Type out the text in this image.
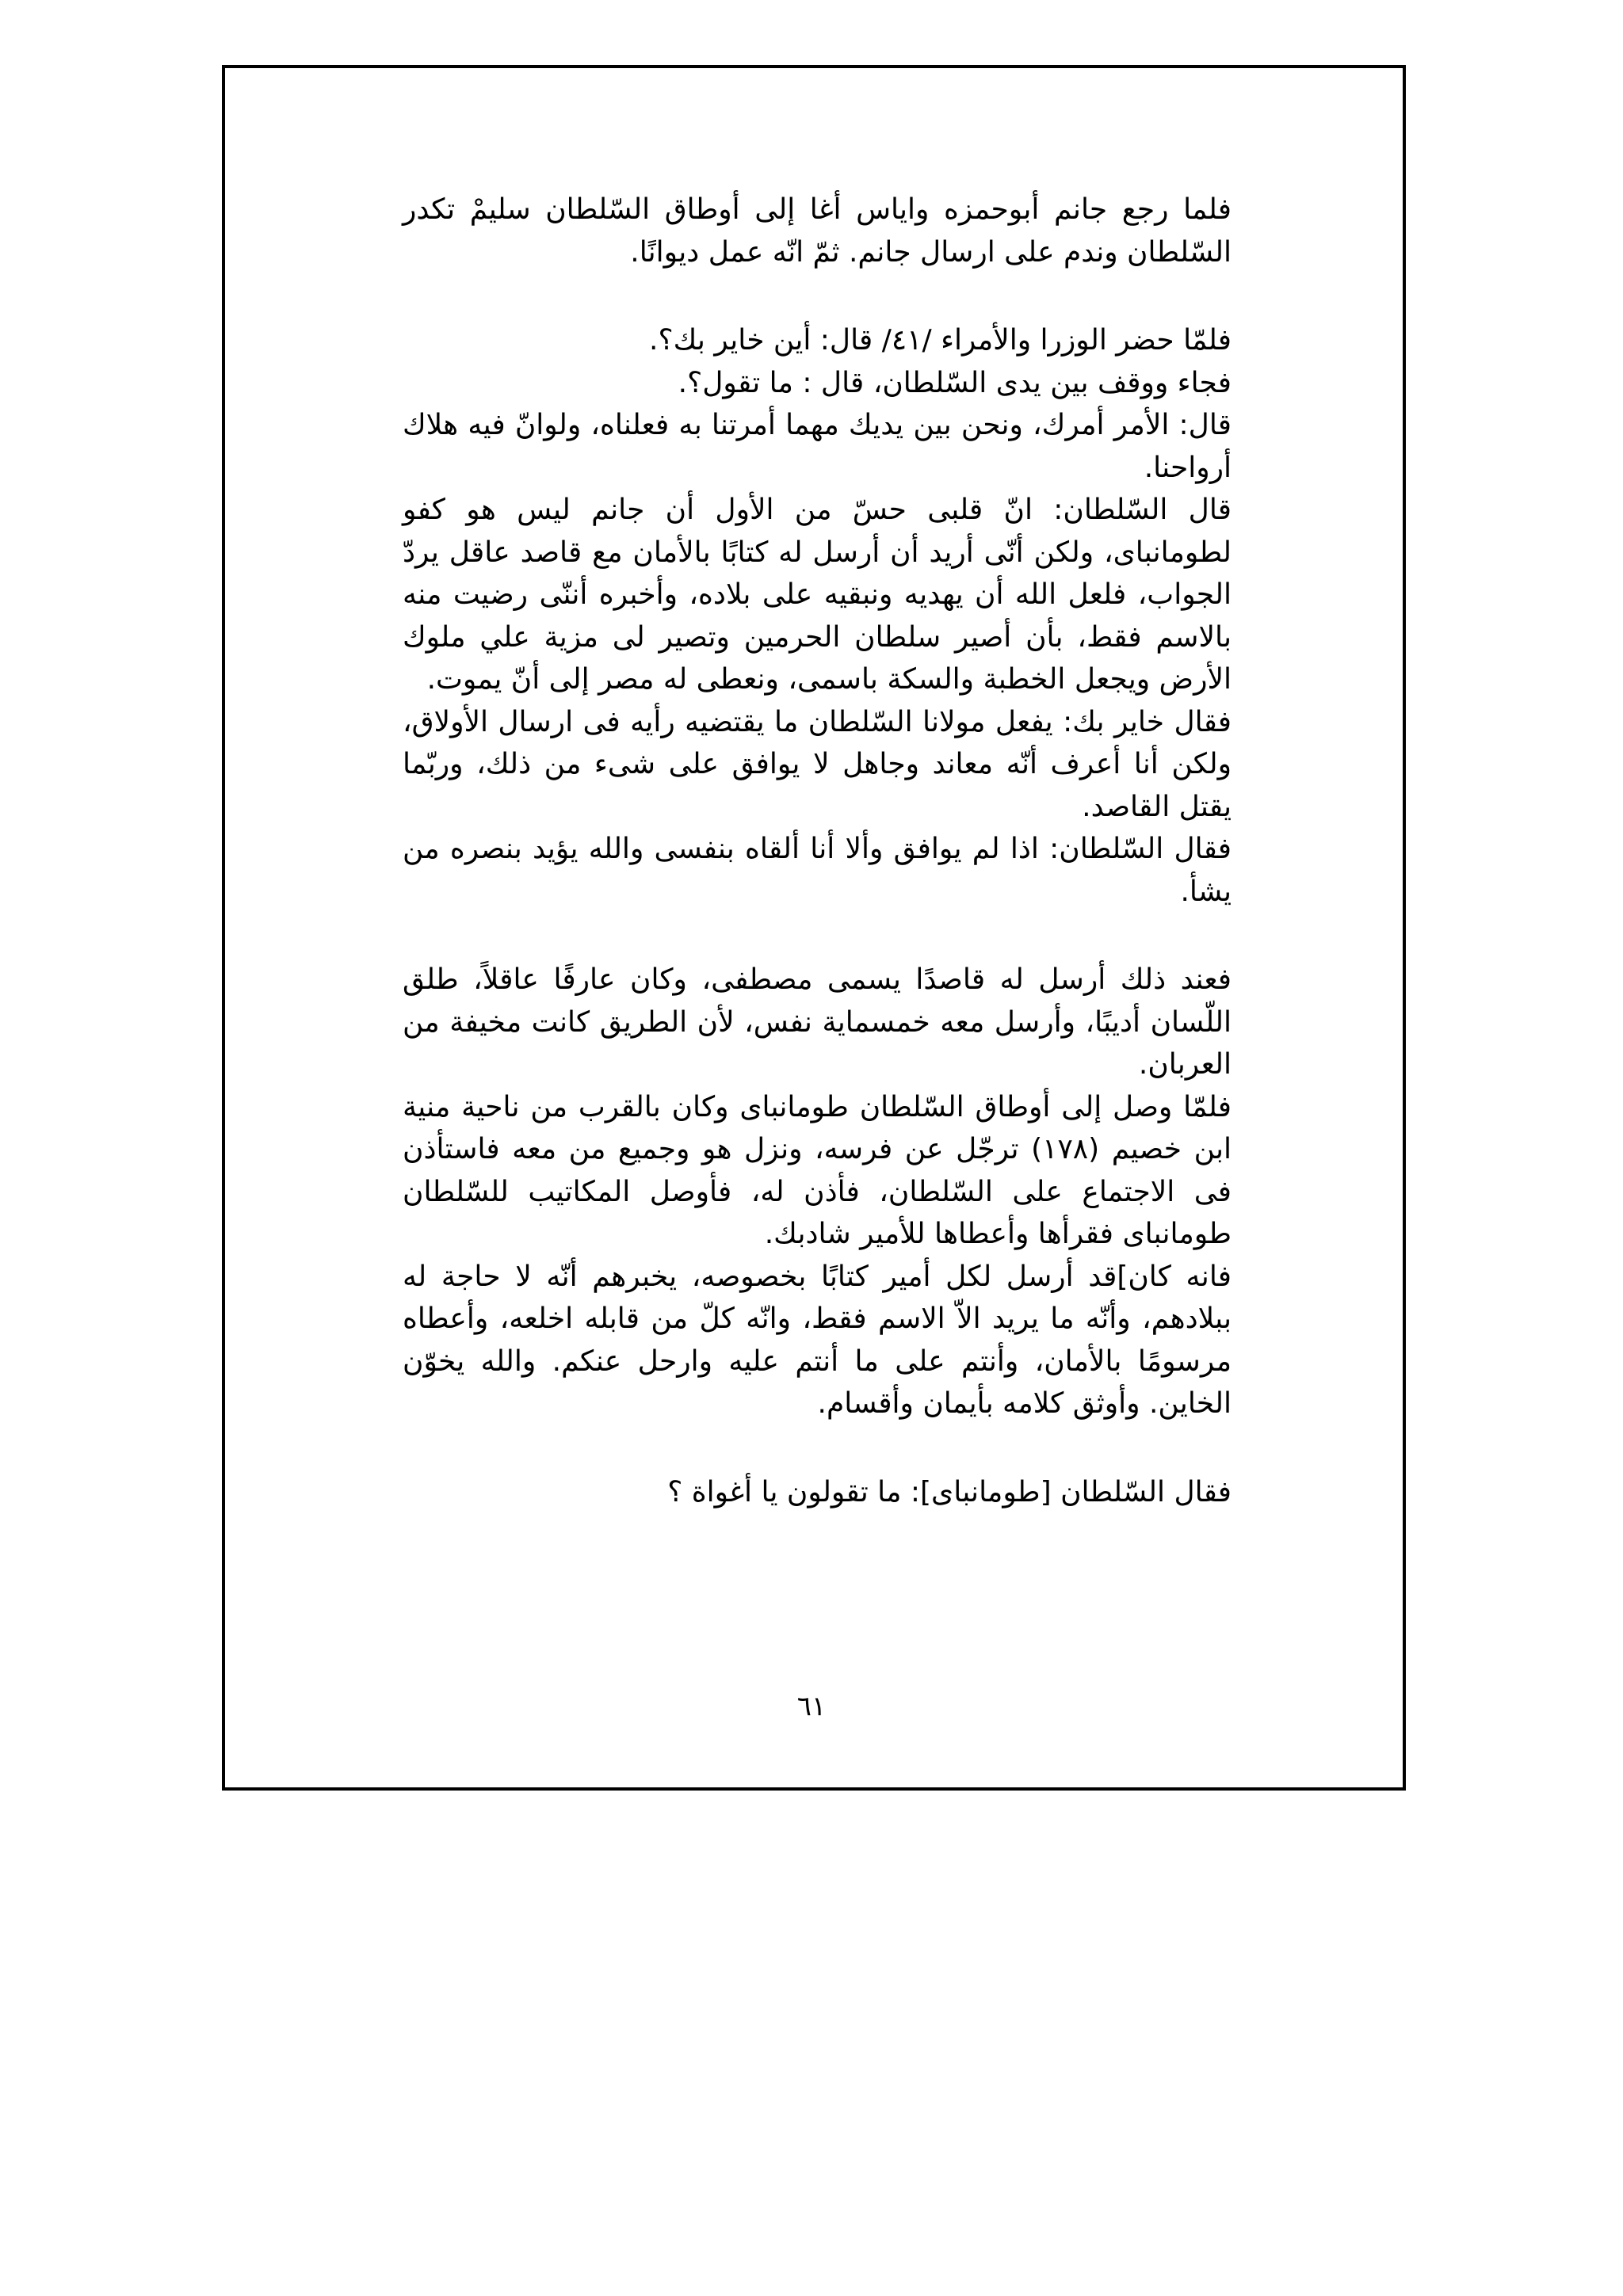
فلما رجع جانم أبوحمزه واياس أغا إلى أوطاق السّلطان سليمْ تكدر السّلطان وندم على ارسال جانم. ثمّ انّه عمل ديوانًا.

فلمّا حضر الوزرا والأمراء /٤١/ قال: أين خاير بك؟.

فجاء ووقف بين يدى السّلطان، قال : ما تقول؟.

قال: الأمر أمرك، ونحن بين يديك مهما أمرتنا به فعلناه، ولوانّ فيه هلاك أرواحنا.

قال السّلطان: انّ قلبى حسّ من الأول أن جانم ليس هو كفو لطومانباى، ولكن أنّى أريد أن أرسل له كتابًا بالأمان مع قاصد عاقل يردّ الجواب، فلعل الله أن يهديه ونبقيه على بلاده، وأخبره أننّى رضيت منه بالاسم فقط، بأن أصير سلطان الحرمين وتصير لى مزية علي ملوك الأرض ويجعل الخطبة والسكة باسمى، ونعطى له مصر إلى أنّ يموت.

فقال خاير بك: يفعل مولانا السّلطان ما يقتضيه رأيه فى ارسال الأولاق، ولكن أنا أعرف أنّه معاند وجاهل لا يوافق على شىء من ذلك، وربّما يقتل القاصد.

فقال السّلطان: اذا لم يوافق وألا أنا ألقاه بنفسى والله يؤيد بنصره من يشأ.

فعند ذلك أرسل له قاصدًا يسمى مصطفى، وكان عارفًا عاقلاً، طلق اللّسان أديبًا، وأرسل معه خمسماية نفس، لأن الطريق كانت مخيفة من العربان.

فلمّا وصل إلى أوطاق السّلطان طومانباى وكان بالقرب من ناحية منية ابن خصيم (١٧٨) ترجّل عن فرسه، ونزل هو وجميع من معه فاستأذن فى الاجتماع على السّلطان، فأذن له، فأوصل المكاتيب للسّلطان طومانباى فقرأها وأعطاها للأمير شادبك.

فانه كان]قد أرسل لكل أمير كتابًا بخصوصه، يخبرهم أنّه لا حاجة له ببلادهم، وأنّه ما يريد الاّ الاسم فقط، وانّه كلّ من قابله اخلعه، وأعطاه مرسومًا بالأمان، وأنتم على ما أنتم عليه وارحل عنكم. والله يخوّن الخاين. وأوثق كلامه بأيمان وأقسام.

فقال السّلطان [طومانباى]: ما تقولون يا أغواة ؟

٦١
